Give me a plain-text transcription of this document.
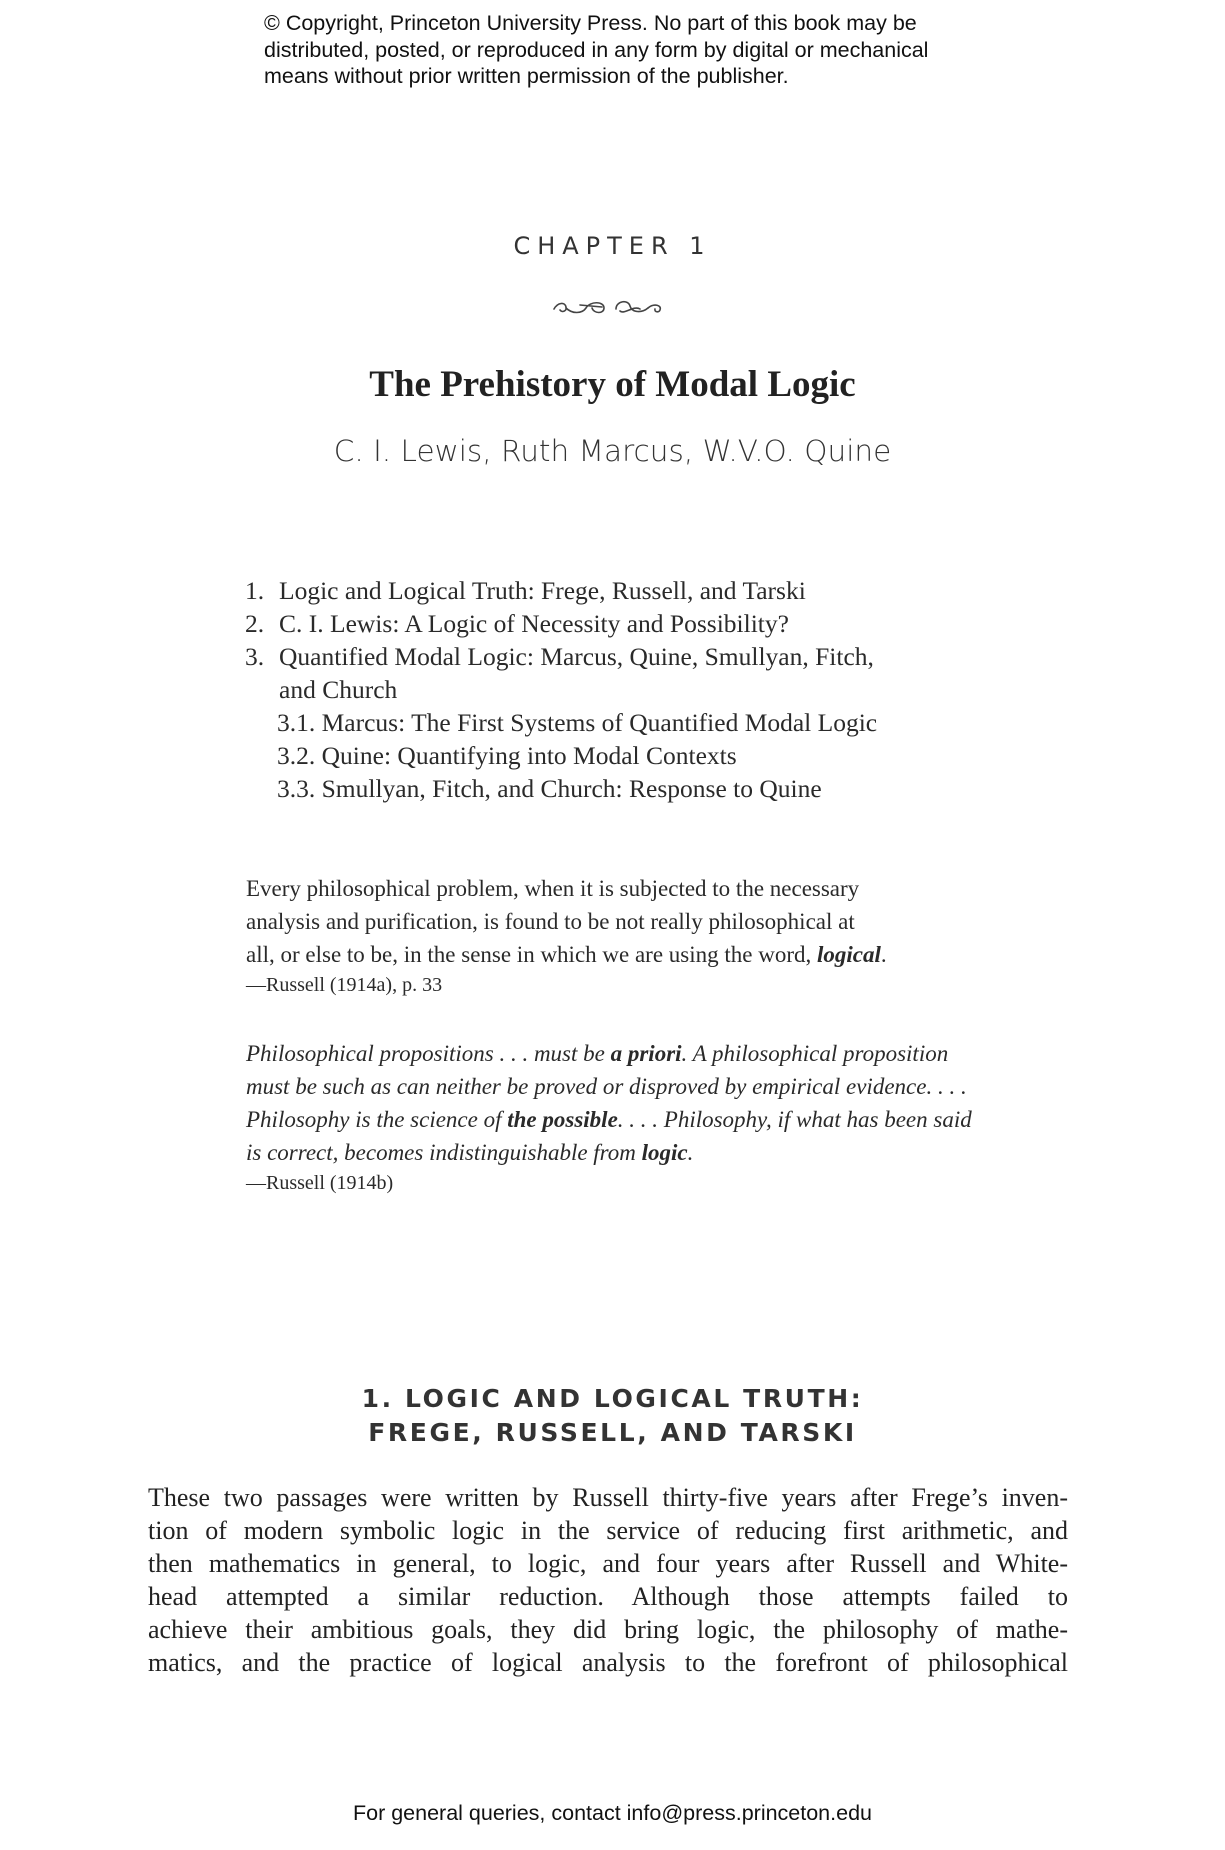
© Copyright, Princeton University Press. No part of this book may be
distributed, posted, or reproduced in any form by digital or mechanical
means without prior written permission of the publisher.
CHAPTER 1
The Prehistory of Modal Logic
C. I. Lewis, Ruth Marcus, W.V.O. Quine
1. Logic and Logical Truth: Frege, Russell, and Tarski
2. C. I. Lewis: A Logic of Necessity and Possibility?
3. Quantified Modal Logic: Marcus, Quine, Smullyan, Fitch,
and Church
3.1. Marcus: The First Systems of Quantified Modal Logic
3.2. Quine: Quantifying into Modal Contexts
3.3. Smullyan, Fitch, and Church: Response to Quine
Every philosophical problem, when it is subjected to the necessary
analysis and purification, is found to be not really philosophical at
all, or else to be, in the sense in which we are using the word, logical.
—Russell (1914a), p. 33
Philosophical propositions . . . must be a priori. A philosophical proposition
must be such as can neither be proved or disproved by empirical evidence. . . .
Philosophy is the science of the possible. . . . Philosophy, if what has been said
is correct, becomes indistinguishable from logic.
—Russell (1914b)
1. LOGIC AND LOGICAL TRUTH:
FREGE, RUSSELL, AND TARSKI
These two passages were written by Russell thirty-five years after Frege’s inven-
tion of modern symbolic logic in the service of reducing first arithmetic, and
then mathematics in general, to logic, and four years after Russell and White-
head attempted a similar reduction. Although those attempts failed to
achieve their ambitious goals, they did bring logic, the philosophy of mathe-
matics, and the practice of logical analysis to the forefront of philosophical
For general queries, contact info@press.princeton.edu
